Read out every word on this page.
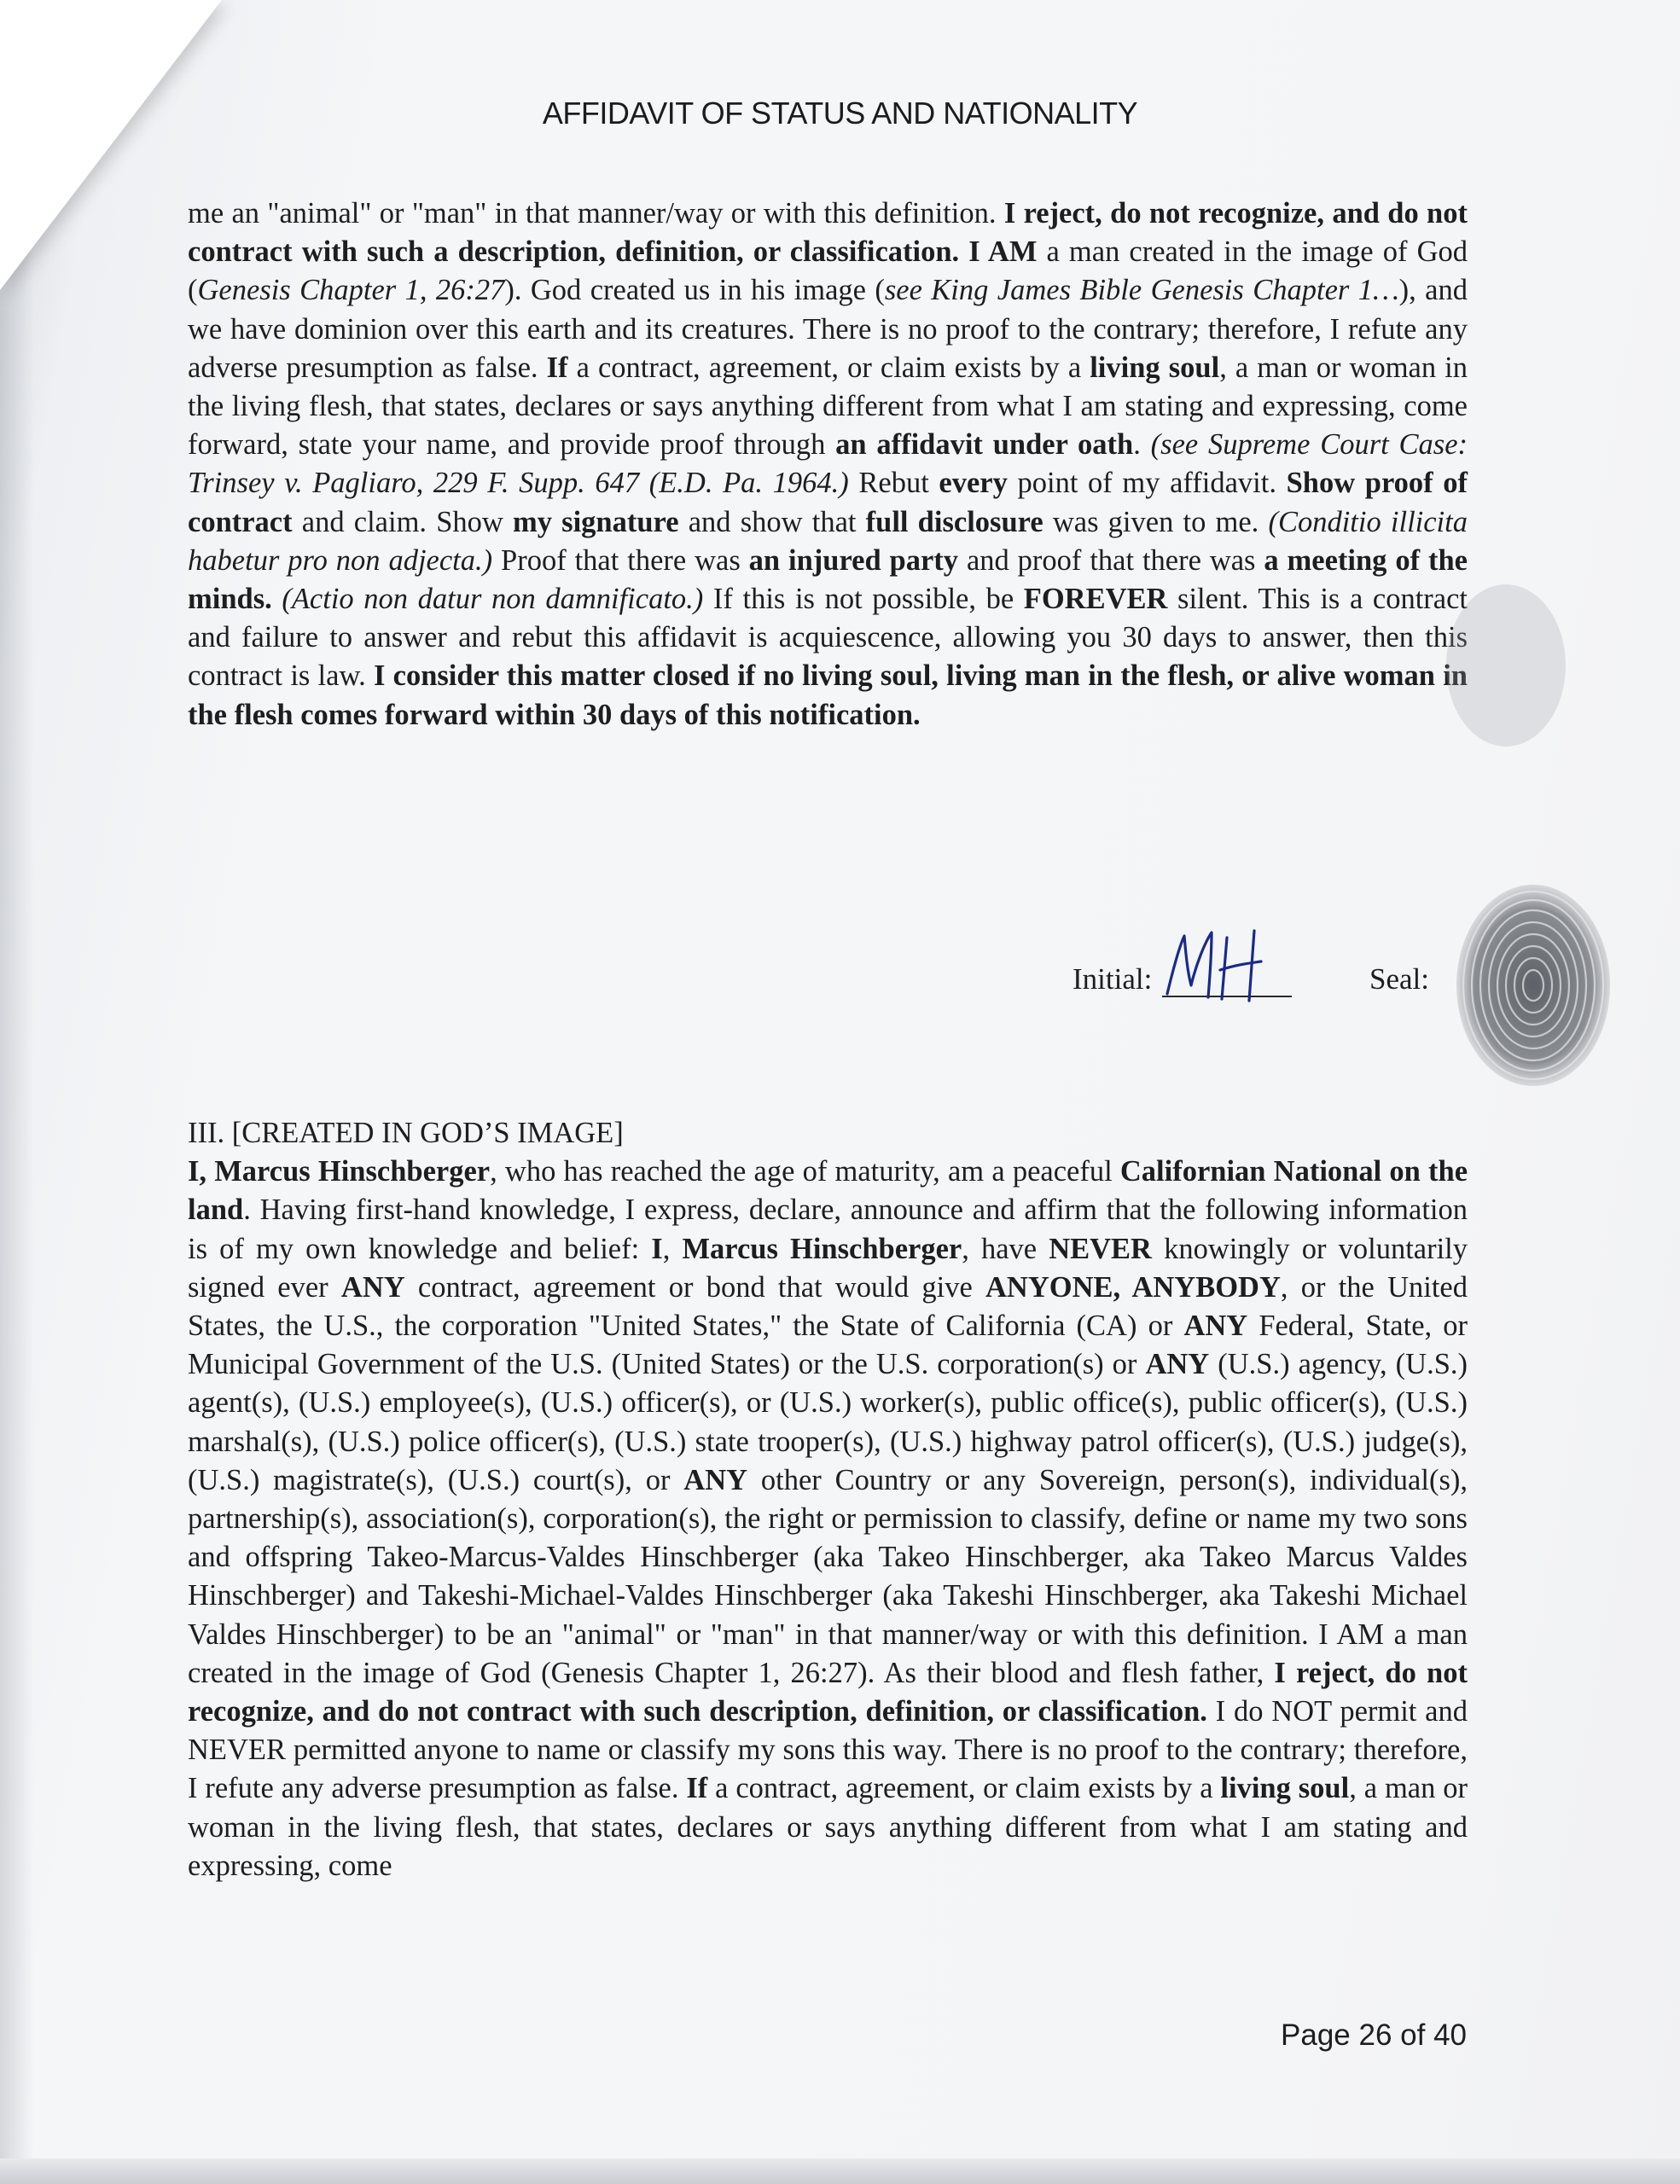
AFFIDAVIT OF STATUS AND NATIONALITY
me an "animal" or "man" in that manner/way or with this definition. I reject, do not recognize, and do not contract with such a description, definition, or classification. I AM a man created in the image of God (Genesis Chapter 1, 26:27). God created us in his image (see King James Bible Genesis Chapter 1…), and we have dominion over this earth and its creatures. There is no proof to the contrary; therefore, I refute any adverse presumption as false. If a contract, agreement, or claim exists by a living soul, a man or woman in the living flesh, that states, declares or says anything different from what I am stating and expressing, come forward, state your name, and provide proof through an affidavit under oath. (see Supreme Court Case: Trinsey v. Pagliaro, 229 F. Supp. 647 (E.D. Pa. 1964.) Rebut every point of my affidavit. Show proof of contract and claim. Show my signature and show that full disclosure was given to me. (Conditio illicita habetur pro non adjecta.) Proof that there was an injured party and proof that there was a meeting of the minds. (Actio non datur non damnificato.) If this is not possible, be FOREVER silent. This is a contract and failure to answer and rebut this affidavit is acquiescence, allowing you 30 days to answer, then this contract is law. I consider this matter closed if no living soul, living man in the flesh, or alive woman in the flesh comes forward within 30 days of this notification.
Initial:	Seal:
III. [CREATED IN GOD’S IMAGE]
I, Marcus Hinschberger, who has reached the age of maturity, am a peaceful Californian National on the land. Having first-hand knowledge, I express, declare, announce and affirm that the following information is of my own knowledge and belief: I, Marcus Hinschberger, have NEVER knowingly or voluntarily signed ever ANY contract, agreement or bond that would give ANYONE, ANYBODY, or the United States, the U.S., the corporation "United States," the State of California (CA) or ANY Federal, State, or Municipal Government of the U.S. (United States) or the U.S. corporation(s) or ANY (U.S.) agency, (U.S.) agent(s), (U.S.) employee(s), (U.S.) officer(s), or (U.S.) worker(s), public office(s), public officer(s), (U.S.) marshal(s), (U.S.) police officer(s), (U.S.) state trooper(s), (U.S.) highway patrol officer(s), (U.S.) judge(s), (U.S.) magistrate(s), (U.S.) court(s), or ANY other Country or any Sovereign, person(s), individual(s), partnership(s), association(s), corporation(s), the right or permission to classify, define or name my two sons and offspring Takeo-Marcus-Valdes Hinschberger (aka Takeo Hinschberger, aka Takeo Marcus Valdes Hinschberger) and Takeshi-Michael-Valdes Hinschberger (aka Takeshi Hinschberger, aka Takeshi Michael Valdes Hinschberger) to be an "animal" or "man" in that manner/way or with this definition. I AM a man created in the image of God (Genesis Chapter 1, 26:27). As their blood and flesh father, I reject, do not recognize, and do not contract with such description, definition, or classification. I do NOT permit and NEVER permitted anyone to name or classify my sons this way. There is no proof to the contrary; therefore, I refute any adverse presumption as false. If a contract, agreement, or claim exists by a living soul, a man or woman in the living flesh, that states, declares or says anything different from what I am stating and expressing, come
Page 26 of 40
